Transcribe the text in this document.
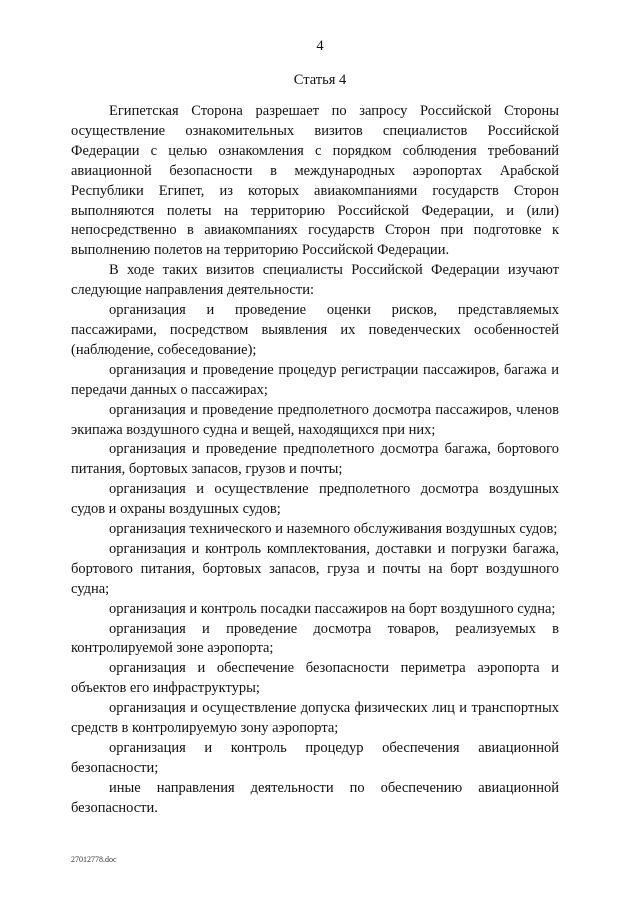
4
Статья 4

Египетская Сторона разрешает по запросу Российской Стороны осуществление ознакомительных визитов специалистов Российской Федерации с целью ознакомления с порядком соблюдения требований авиационной безопасности в международных аэропортах Арабской Республики Египет, из которых авиакомпаниями государств Сторон выполняются полеты на территорию Российской Федерации, и (или) непосредственно в авиакомпаниях государств Сторон при подготовке к выполнению полетов на территорию Российской Федерации.

В ходе таких визитов специалисты Российской Федерации изучают следующие направления деятельности:

организация и проведение оценки рисков, представляемых пассажирами, посредством выявления их поведенческих особенностей (наблюдение, собеседование);

организация и проведение процедур регистрации пассажиров, багажа и передачи данных о пассажирах;

организация и проведение предполетного досмотра пассажиров, членов экипажа воздушного судна и вещей, находящихся при них;

организация и проведение предполетного досмотра багажа, бортового питания, бортовых запасов, грузов и почты;

организация и осуществление предполетного досмотра воздушных судов и охраны воздушных судов;

организация технического и наземного обслуживания воздушных судов;

организация и контроль комплектования, доставки и погрузки багажа, бортового питания, бортовых запасов, груза и почты на борт воздушного судна;

организация и контроль посадки пассажиров на борт воздушного судна;

организация и проведение досмотра товаров, реализуемых в контролируемой зоне аэропорта;

организация и обеспечение безопасности периметра аэропорта и объектов его инфраструктуры;

организация и осуществление допуска физических лиц и транспортных средств в контролируемую зону аэропорта;

организация и контроль процедур обеспечения авиационной безопасности;

иные направления деятельности по обеспечению авиационной безопасности.

27012778.doc
